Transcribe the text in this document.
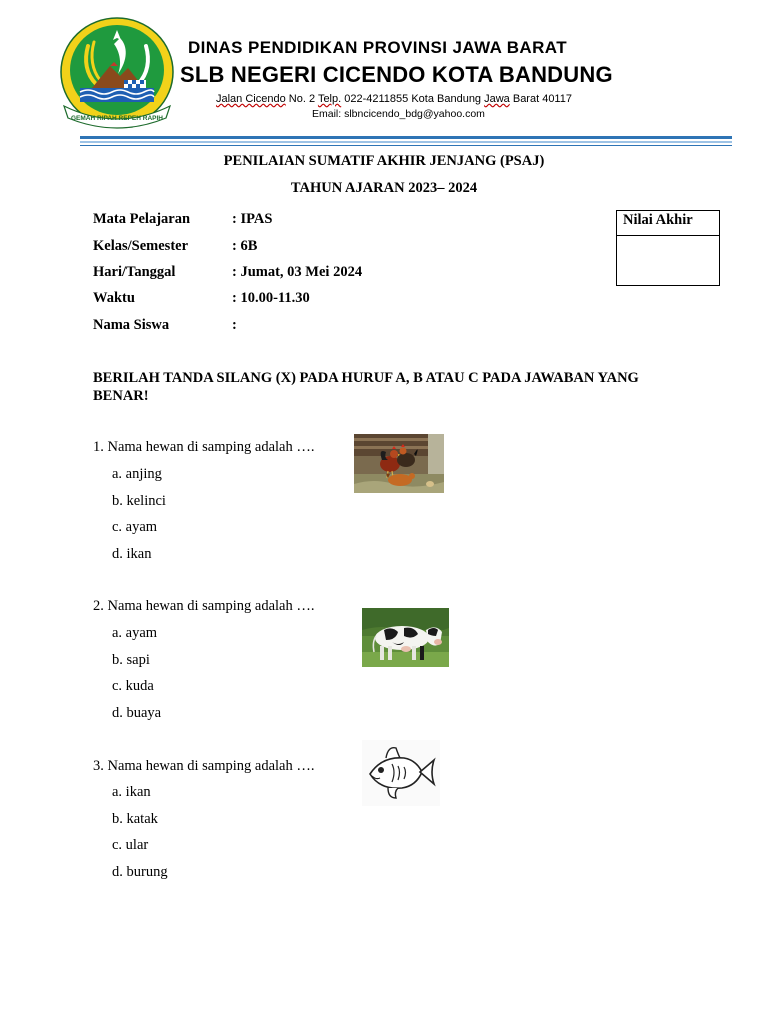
GEMAH RIPAH REPEH RAPIH
DINAS PENDIDIKAN PROVINSI JAWA BARAT
SLB NEGERI CICENDO KOTA BANDUNG
Jalan Cicendo No. 2 Telp. 022-4211855 Kota Bandung Jawa Barat 40117
Email: slbncicendo_bdg@yahoo.com
PENILAIAN SUMATIF AKHIR JENJANG (PSAJ)
TAHUN AJARAN 2023– 2024
Mata Pelajaran	: IPAS
Kelas/Semester	: 6B
Hari/Tanggal	: Jumat, 03 Mei 2024
Waktu	: 10.00-11.30
Nama Siswa	:
Nilai Akhir
BERILAH TANDA SILANG (X) PADA HURUF A, B ATAU C PADA JAWABAN YANG BENAR!
1. Nama hewan di samping adalah ….
a. anjing
b. kelinci
c. ayam
d. ikan
2. Nama hewan di samping adalah ….
a. ayam
b. sapi
c. kuda
d. buaya
3. Nama hewan di samping adalah ….
a. ikan
b. katak
c. ular
d. burung
